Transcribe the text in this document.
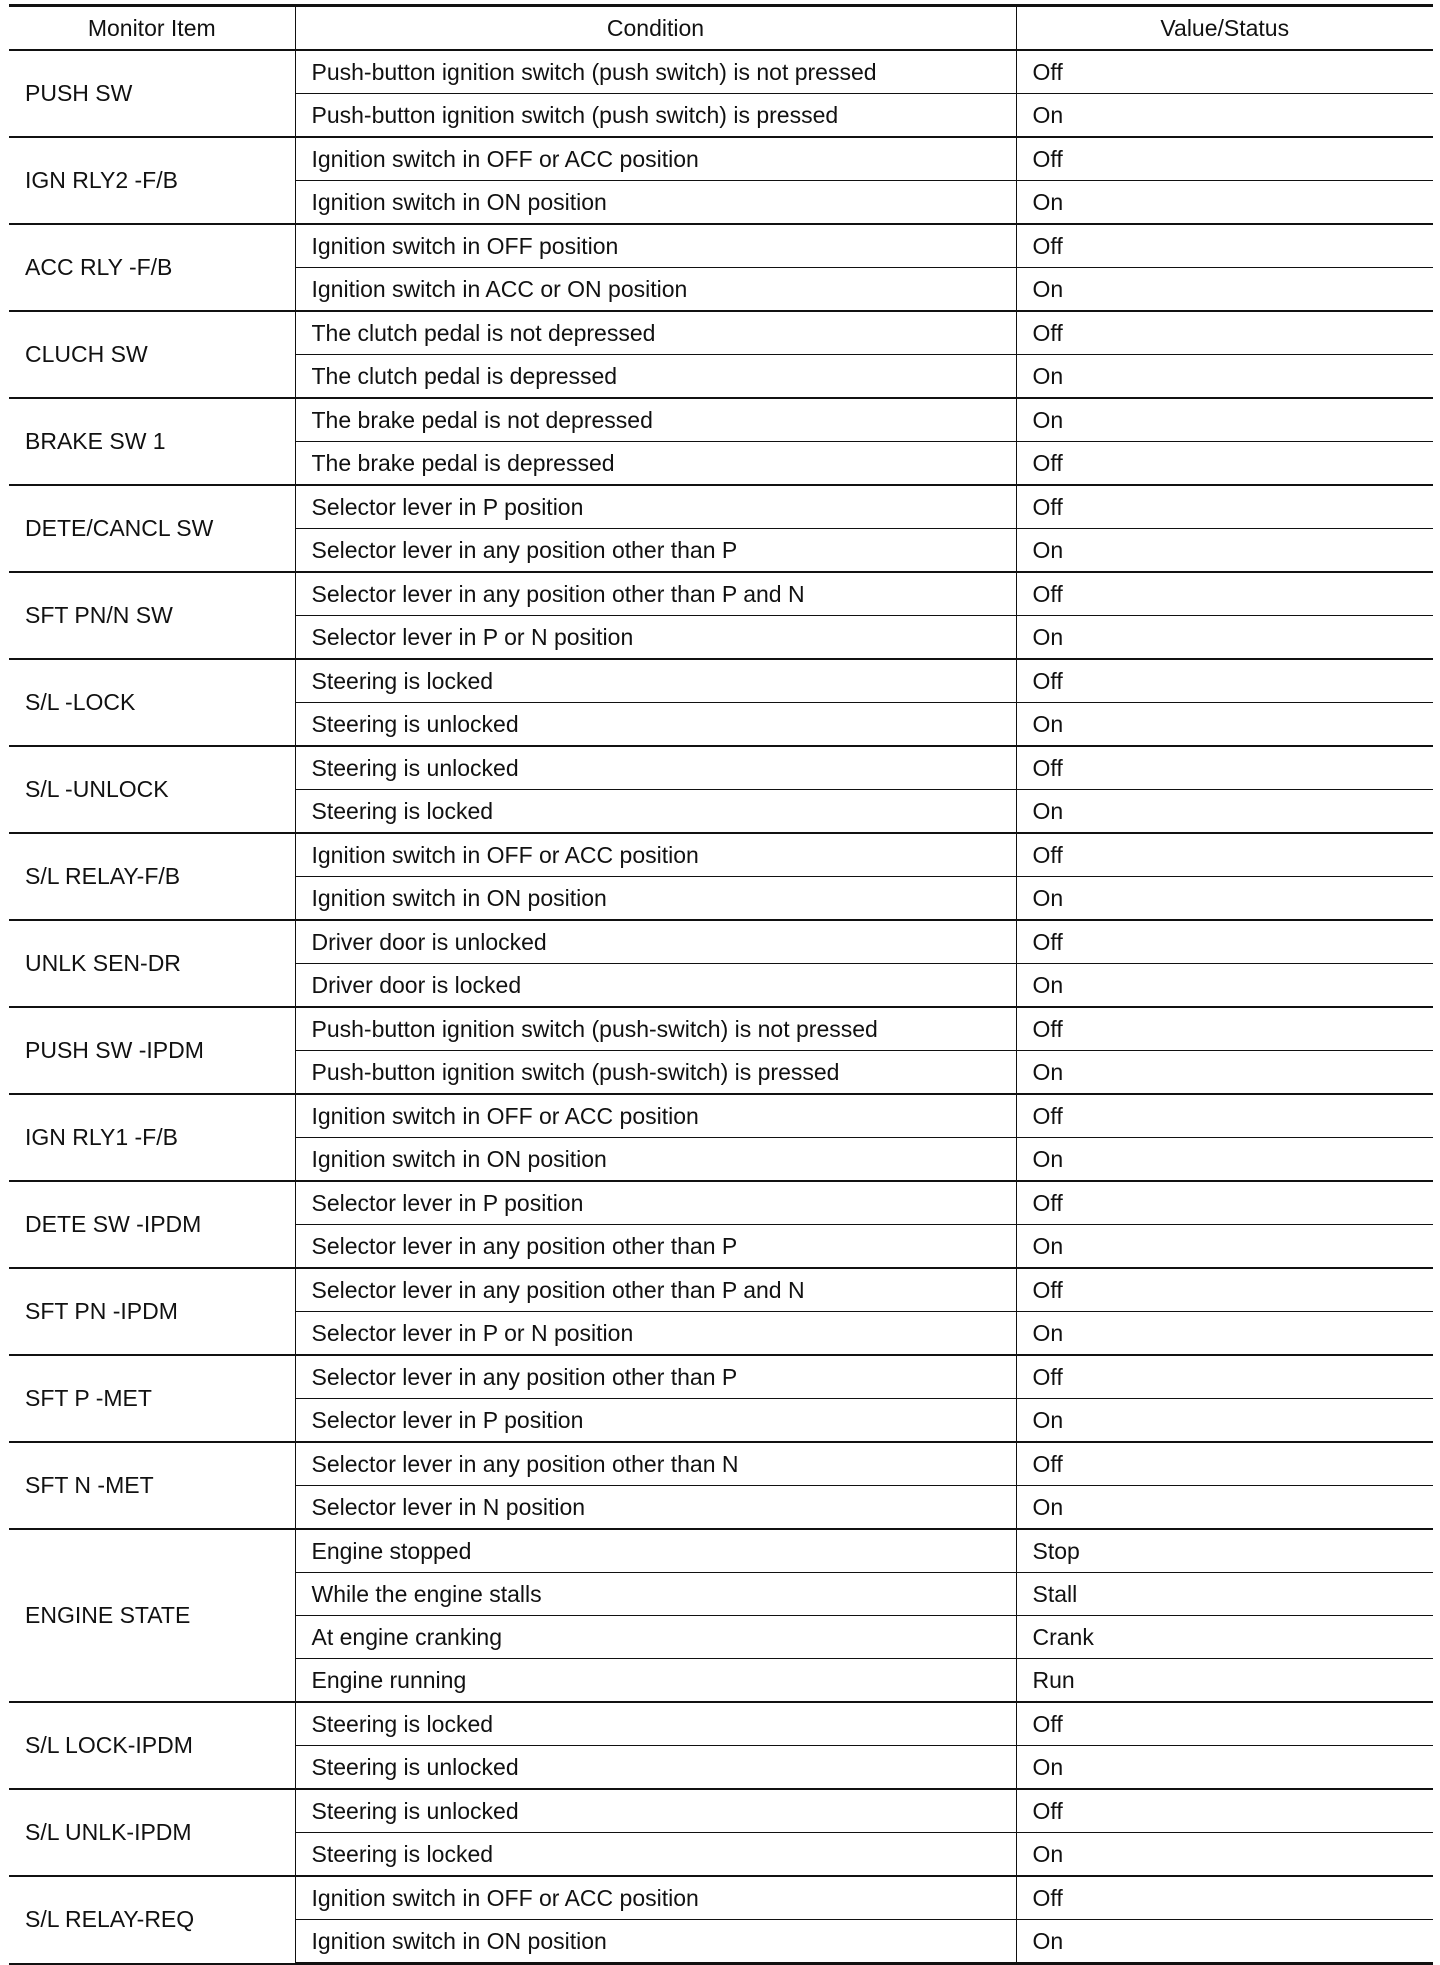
Monitor Item	Condition	Value/Status
PUSH SW	Push-button ignition switch (push switch) is not pressed	Off
	Push-button ignition switch (push switch) is pressed	On
IGN RLY2 -F/B	Ignition switch in OFF or ACC position	Off
	Ignition switch in ON position	On
ACC RLY -F/B	Ignition switch in OFF position	Off
	Ignition switch in ACC or ON position	On
CLUCH SW	The clutch pedal is not depressed	Off
	The clutch pedal is depressed	On
BRAKE SW 1	The brake pedal is not depressed	On
	The brake pedal is depressed	Off
DETE/CANCL SW	Selector lever in P position	Off
	Selector lever in any position other than P	On
SFT PN/N SW	Selector lever in any position other than P and N	Off
	Selector lever in P or N position	On
S/L -LOCK	Steering is locked	Off
	Steering is unlocked	On
S/L -UNLOCK	Steering is unlocked	Off
	Steering is locked	On
S/L RELAY-F/B	Ignition switch in OFF or ACC position	Off
	Ignition switch in ON position	On
UNLK SEN-DR	Driver door is unlocked	Off
	Driver door is locked	On
PUSH SW -IPDM	Push-button ignition switch (push-switch) is not pressed	Off
	Push-button ignition switch (push-switch) is pressed	On
IGN RLY1 -F/B	Ignition switch in OFF or ACC position	Off
	Ignition switch in ON position	On
DETE SW -IPDM	Selector lever in P position	Off
	Selector lever in any position other than P	On
SFT PN -IPDM	Selector lever in any position other than P and N	Off
	Selector lever in P or N position	On
SFT P -MET	Selector lever in any position other than P	Off
	Selector lever in P position	On
SFT N -MET	Selector lever in any position other than N	Off
	Selector lever in N position	On
ENGINE STATE	Engine stopped	Stop
	While the engine stalls	Stall
	At engine cranking	Crank
	Engine running	Run
S/L LOCK-IPDM	Steering is locked	Off
	Steering is unlocked	On
S/L UNLK-IPDM	Steering is unlocked	Off
	Steering is locked	On
S/L RELAY-REQ	Ignition switch in OFF or ACC position	Off
	Ignition switch in ON position	On
